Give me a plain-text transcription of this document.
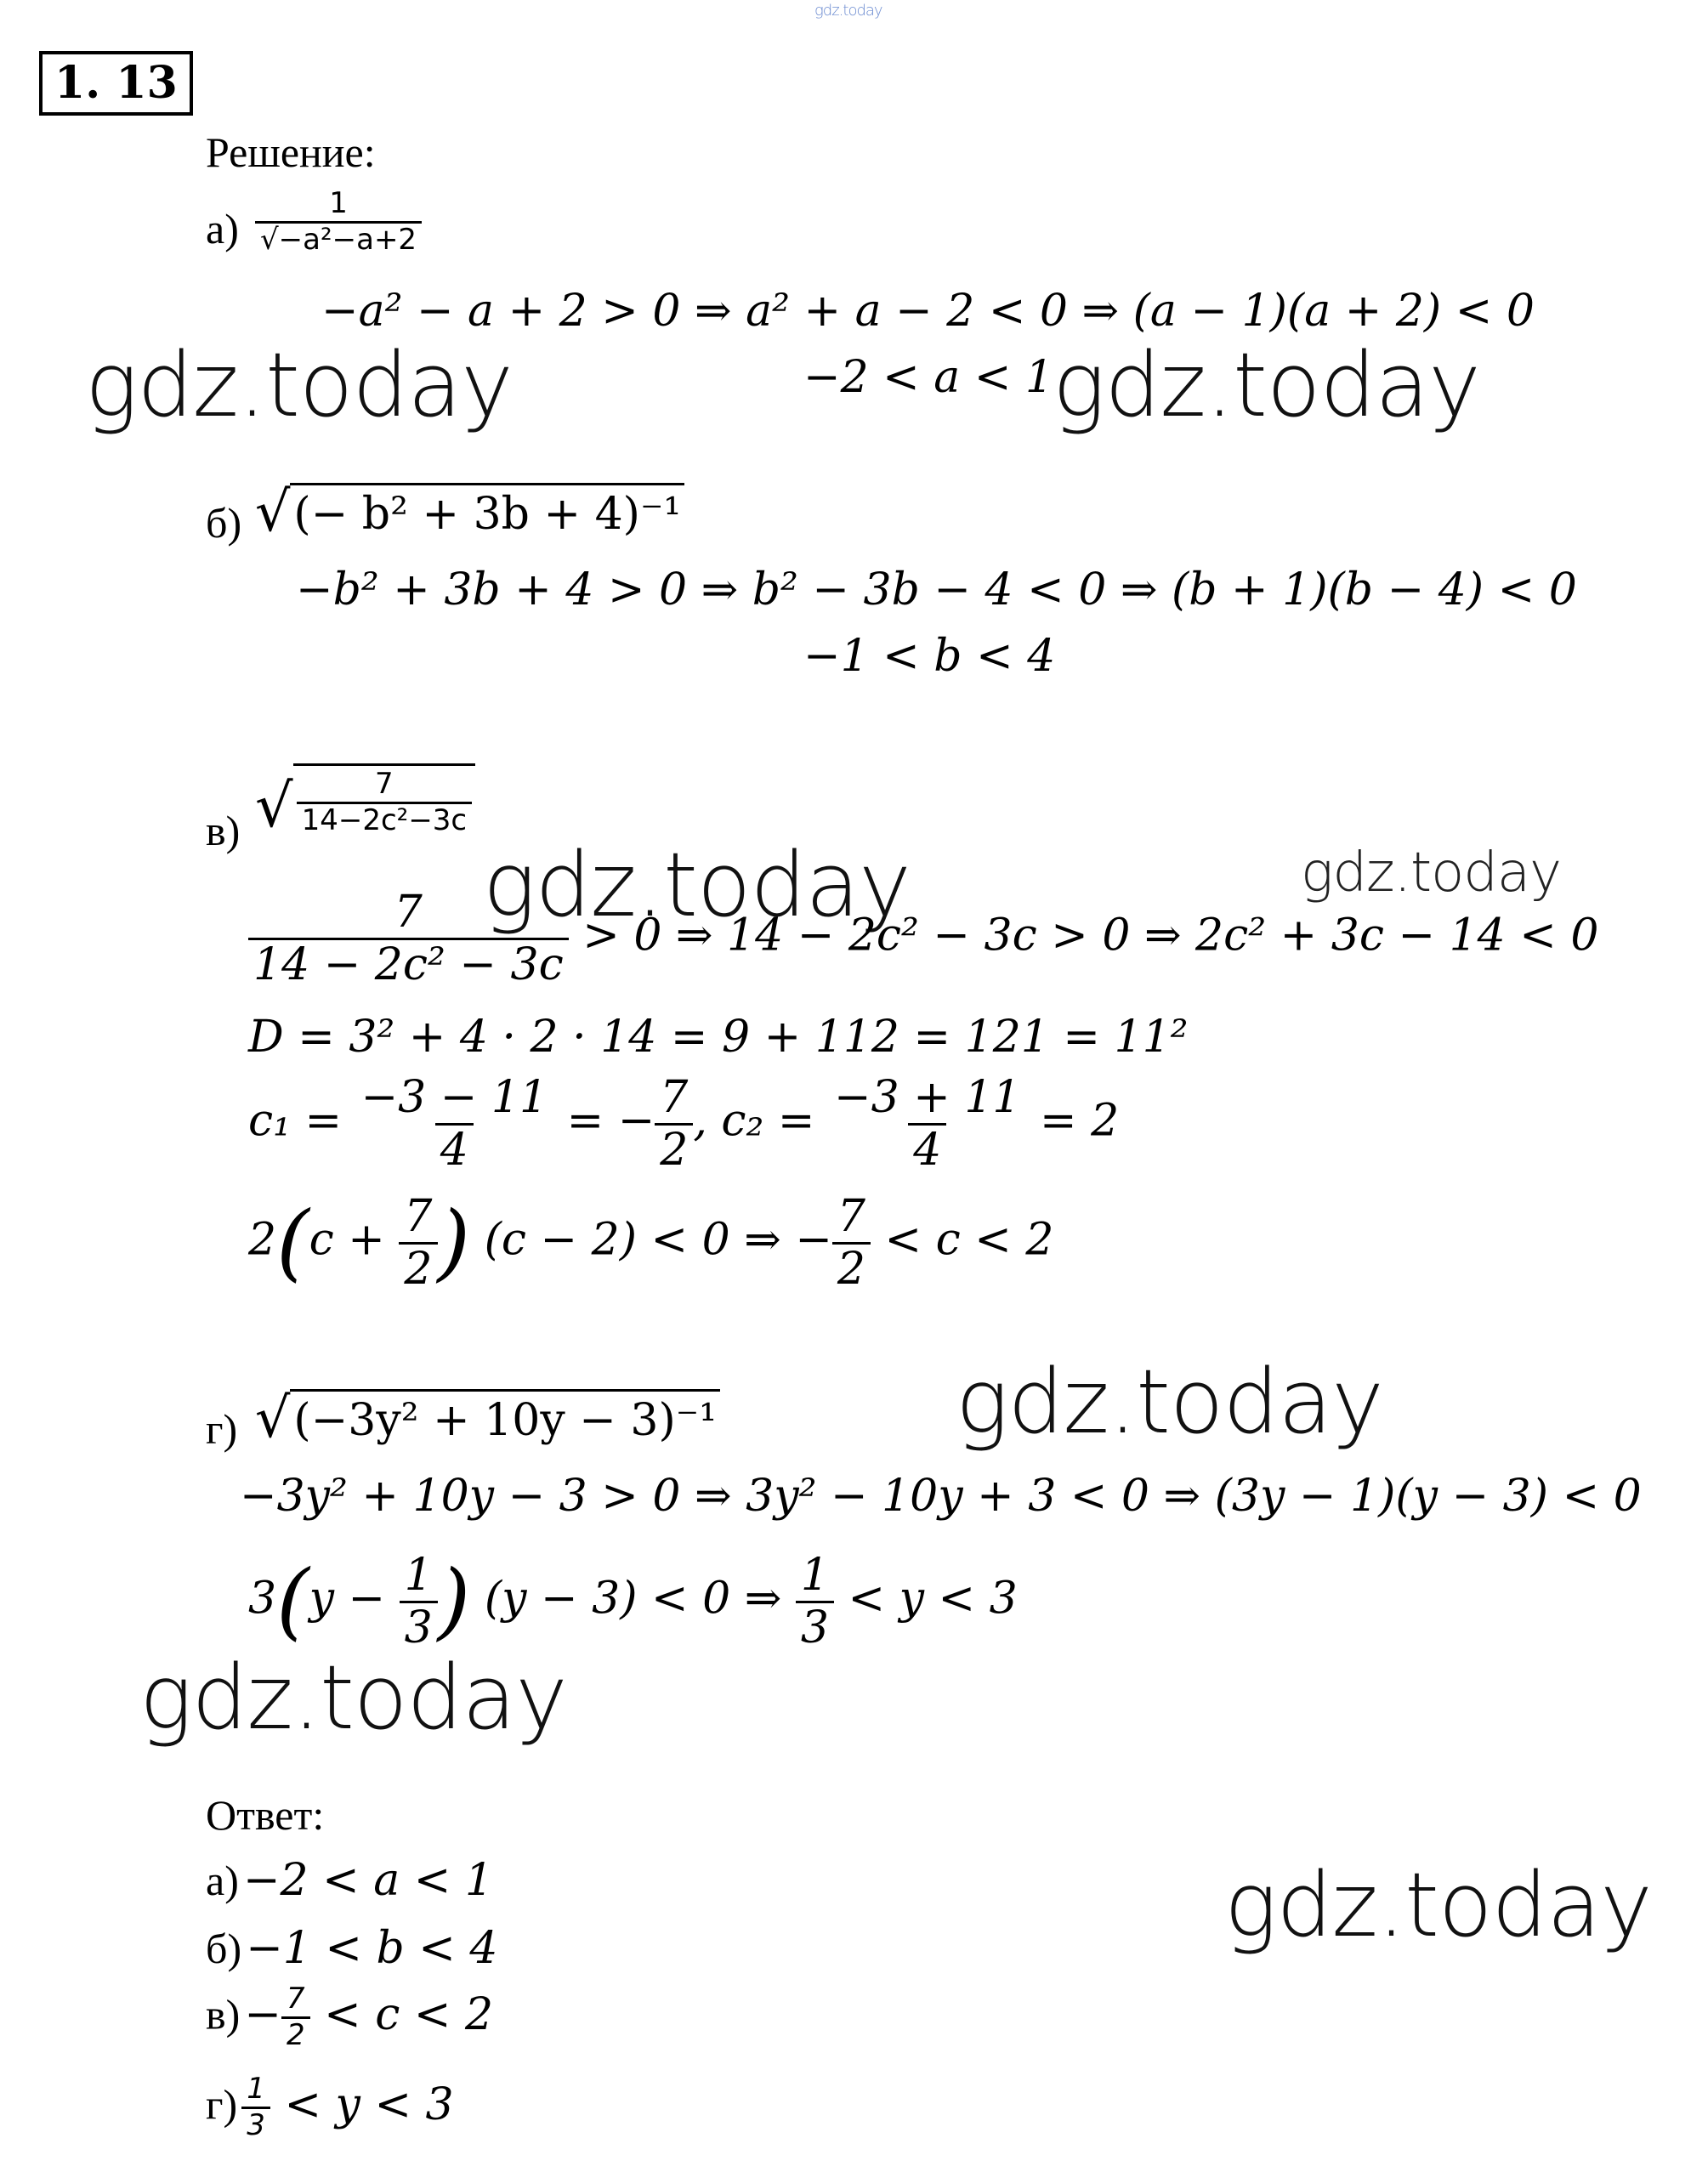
gdz.today
1. 13
Решение:
$а) \frac{1}{\text{√−a²−a+2}}$
−a² − a + 2 > 0 ⇒ a² + a − 2 < 0 ⇒ (a − 1)(a + 2) < 0
−2 < a < 1
gdz.today	gdz.today
б) √ (− b² + 3b + 4)⁻¹
−b² + 3b + 4 > 0 ⇒ b² − 3b − 4 < 0 ⇒ (b + 1)(b − 4) < 0
−1 < b < 4
в) √ $\frac{7}{\text{14−2c²−3c}}$
gdz.today	gdz.today
$\frac{7}{\text{14 − 2c² − 3c}} > 0$ ⇒ 14 − 2c² − 3c > 0 ⇒ 2c² + 3c − 14 < 0
D = 3² + 4 · 2 · 14 = 9 + 112 = 121 = 11²
$c_1 = \frac{-3 - 11}{4}$ = − $\frac{7}{2}$ , $c_2 = \frac{-3 + 11}{4} = 2$
$2(c + \frac{7}{2}$ ) (c − 2) < 0 ⇒ − $\frac{7}{2} < c < 2$
г) √ (−3y² + 10y − 3)⁻¹	gdz.today
−3y² + 10y − 3 > 0 ⇒ 3y² − 10y + 3 < 0 ⇒ (3y − 1)(y − 3) < 0
$3(y - \frac{1}{3}$ ) (y − 3) < 0 ⇒ $\frac{1}{3} < y < 3$
gdz.today
Ответ:
а) −2 < a < 1
б) −1 < b < 4
$в) - \frac{7}{2} < c < 2$
$г) \frac{1}{3} < y < 3$
gdz.today
